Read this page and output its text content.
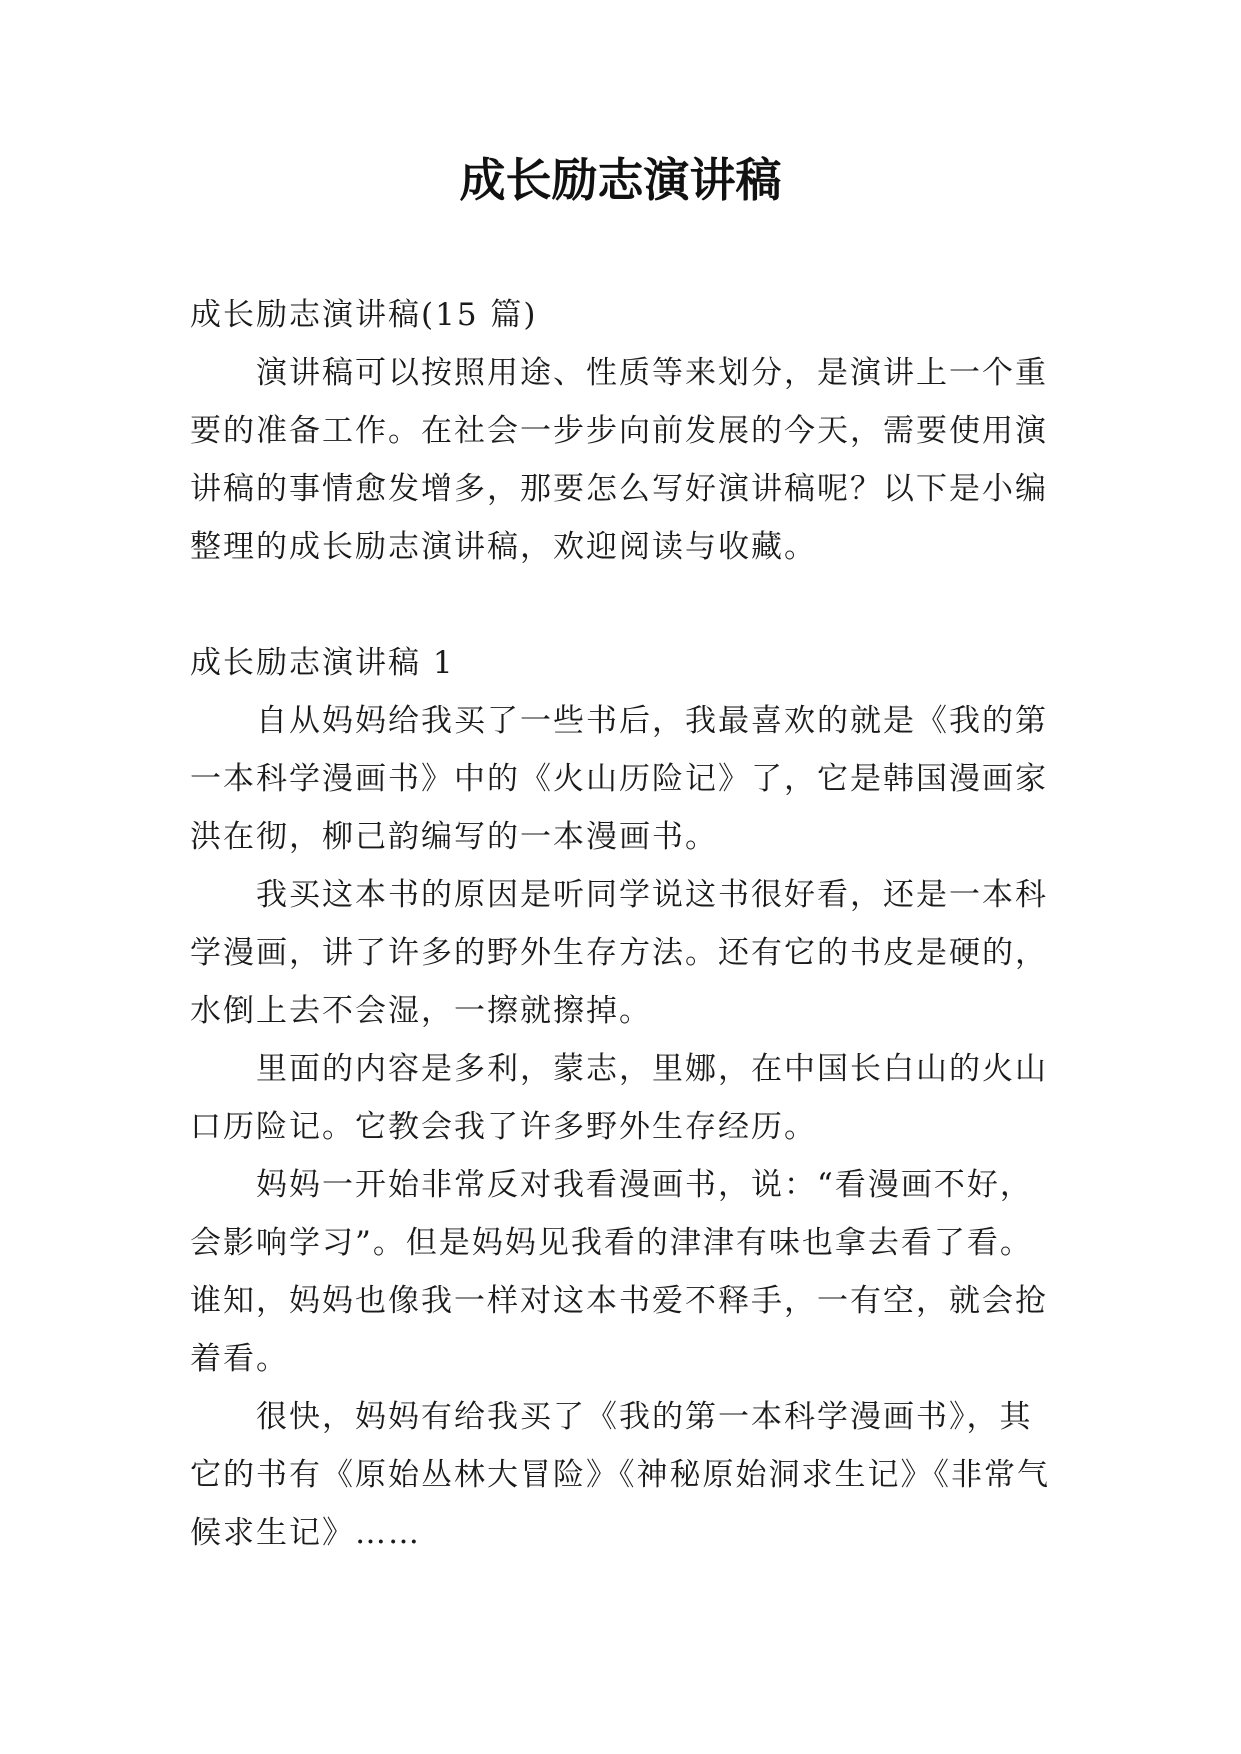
成长励志演讲稿

成长励志演讲稿(15 篇)

演讲稿可以按照用途、性质等来划分，是演讲上一个重要的准备工作。在社会一步步向前发展的今天，需要使用演讲稿的事情愈发增多，那要怎么写好演讲稿呢？以下是小编整理的成长励志演讲稿，欢迎阅读与收藏。

成长励志演讲稿 1

自从妈妈给我买了一些书后，我最喜欢的就是《我的第一本科学漫画书》中的《火山历险记》了，它是韩国漫画家洪在彻，柳己韵编写的一本漫画书。

我买这本书的原因是听同学说这书很好看，还是一本科学漫画，讲了许多的野外生存方法。还有它的书皮是硬的，水倒上去不会湿，一擦就擦掉。

里面的内容是多利，蒙志，里娜，在中国长白山的火山口历险记。它教会我了许多野外生存经历。

妈妈一开始非常反对我看漫画书，说：“看漫画不好，会影响学习”。但是妈妈见我看的津津有味也拿去看了看。谁知，妈妈也像我一样对这本书爱不释手，一有空，就会抢着看。

很快，妈妈有给我买了《我的第一本科学漫画书》，其它的书有《原始丛林大冒险》《神秘原始洞求生记》《非常气候求生记》……
